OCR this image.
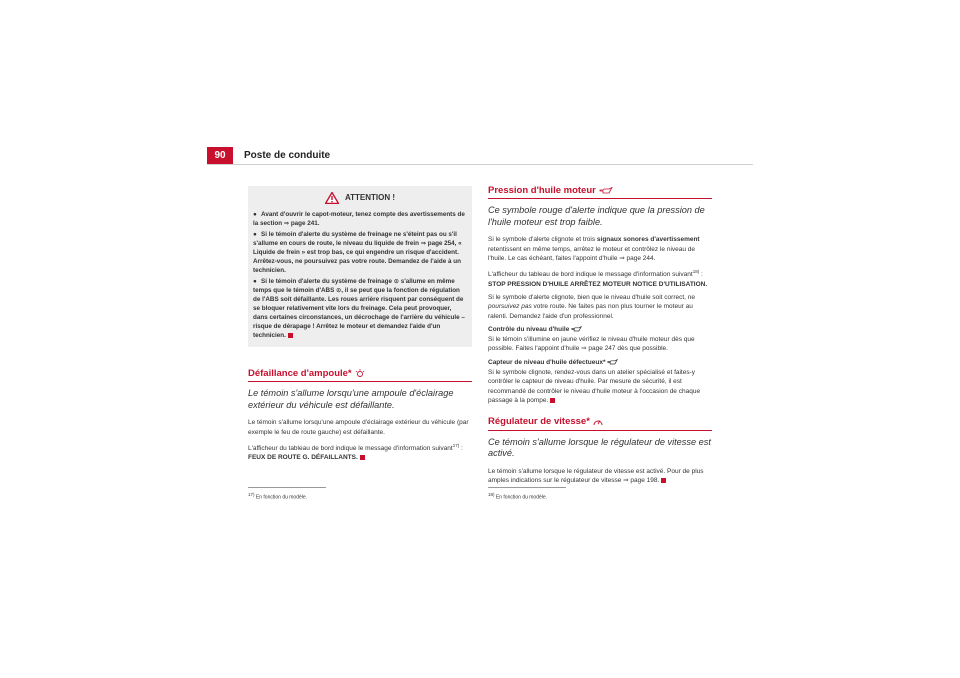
90	Poste de conduite
ATTENTION !

● Avant d'ouvrir le capot-moteur, tenez compte des avertissements de la section ⇒ page 241.

● Si le témoin d'alerte du système de freinage ne s'éteint pas ou s'il s'allume en cours de route, le niveau du liquide de frein ⇒ page 254, « Liquide de frein » est trop bas, ce qui engendre un risque d'accident. Arrêtez-vous, ne poursuivez pas votre route. Demandez de l'aide à un technicien.

● Si le témoin d'alerte du système de freinage ⊙ s'allume en même temps que le témoin d'ABS ⊙, il se peut que la fonction de régulation de l'ABS soit défaillante. Les roues arrière risquent par conséquent de se bloquer relativement vite lors du freinage. Cela peut provoquer, dans certaines circonstances, un décrochage de l'arrière du véhicule – risque de dérapage ! Arrêtez le moteur et demandez l'aide d'un technicien.

Défaillance d'ampoule*

Le témoin s'allume lorsqu'une ampoule d'éclairage extérieur du véhicule est défaillante.

Le témoin s'allume lorsqu'une ampoule d'éclairage extérieur du véhicule (par exemple le feu de route gauche) est défaillante.

L'afficheur du tableau de bord indique le message d'information suivant$^{17)}$ :
FEUX DE ROUTE G. DÉFAILLANTS.

Pression d'huile moteur

Ce symbole rouge d'alerte indique que la pression de l'huile moteur est trop faible.

Si le symbole d'alerte clignote et trois signaux sonores d'avertissement retentissent en même temps, arrêtez le moteur et contrôlez le niveau de l'huile. Le cas échéant, faites l'appoint d'huile ⇒ page 244.

L'afficheur du tableau de bord indique le message d'information suivant$^{18)}$ :
STOP PRESSION D'HUILE ARRÊTEZ MOTEUR NOTICE D'UTILISATION.

Si le symbole d'alerte clignote, bien que le niveau d'huile soit correct, ne poursuivez pas votre route. Ne faites pas non plus tourner le moteur au ralenti. Demandez l'aide d'un professionnel.

Contrôle du niveau d'huile

Si le témoin s'illumine en jaune vérifiez le niveau d'huile moteur dès que possible. Faites l'appoint d'huile ⇒ page 247 dès que possible.

Capteur de niveau d'huile défectueux*

Si le symbole clignote, rendez-vous dans un atelier spécialisé et faites-y contrôler le capteur de niveau d'huile. Par mesure de sécurité, il est recommandé de contrôler le niveau d'huile moteur à l'occasion de chaque passage à la pompe.

Régulateur de vitesse*

Ce témoin s'allume lorsque le régulateur de vitesse est activé.

Le témoin s'allume lorsque le régulateur de vitesse est activé. Pour de plus amples indications sur le régulateur de vitesse ⇒ page 198.

$^{17)}$ En fonction du modèle.
$^{18)}$ En fonction du modèle.
